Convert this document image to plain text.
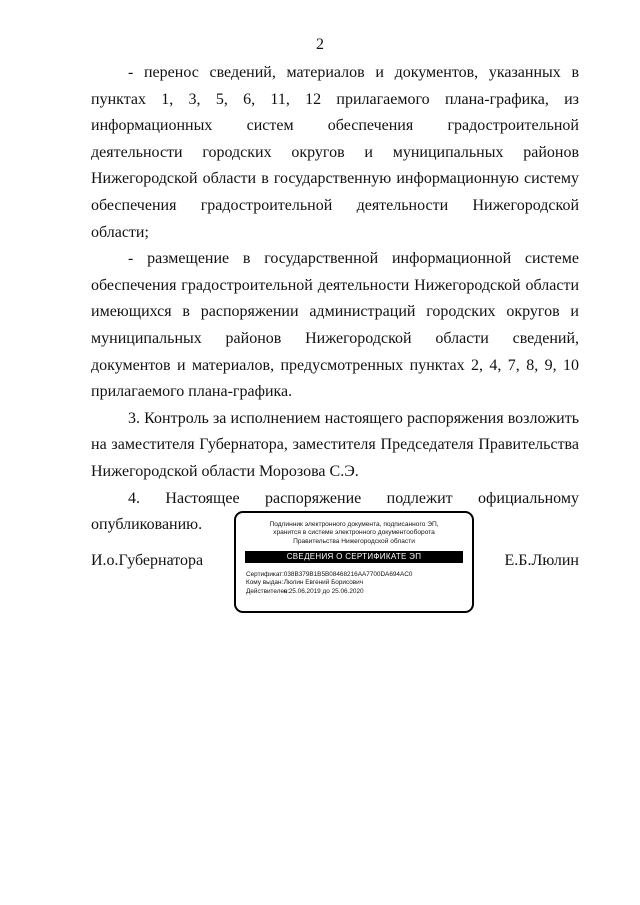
2

- перенос сведений, материалов и документов, указанных в пунктах 1, 3, 5, 6, 11, 12 прилагаемого плана-графика, из информационных систем обеспечения градостроительной деятельности городских округов и муниципальных районов Нижегородской области в государственную информационную систему обеспечения градостроительной деятельности Нижегородской области;

- размещение в государственной информационной системе обеспечения градостроительной деятельности Нижегородской области имеющихся в распоряжении администраций городских округов и муниципальных районов Нижегородской области сведений, документов и материалов, предусмотренных пунктах 2, 4, 7, 8, 9, 10 прилагаемого плана-графика.

3. Контроль за исполнением настоящего распоряжения возложить на заместителя Губернатора, заместителя Председателя Правительства Нижегородской области Морозова С.Э.

4. Настоящее распоряжение подлежит официальному опубликованию.

И.о.Губернатора	Е.Б.Люлин
Подлинник электронного документа, подписанного ЭП,
хранится в системе электронного документооборота
Правительства Нижегородской области
СВЕДЕНИЯ О СЕРТИФИКАТЕ ЭП
Сертификат: 038B379B1B5B08468216AA7700DA694AC0
Кому выдан: Люлин Евгений Борисович
Действителен: с 25.06.2019 до 25.06.2020
